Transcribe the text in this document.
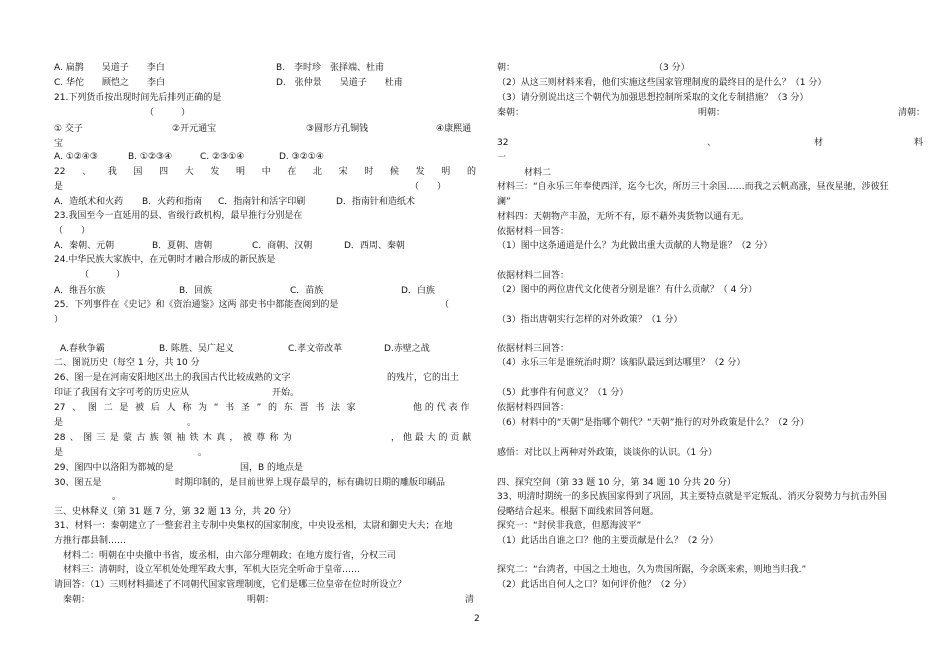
A. 扁鹊　　吴道子　　李白	B.　李时珍　张择端、杜甫
C. 华佗　　顾恺之　　李白	D.　张仲景　　吴道子　　杜甫
21.下列货币按出现时间先后排列正确的是
（　　　）
① 交子	②开元通宝	③圆形方孔铜钱	④康熙通
宝
A. ①②④③	B. ①②③④	C. ②③①④	D. ③②①④
22 、 我 国 四 大 发 明 中 在 北 宋 时 候 发 明 的
是	（　　）
A．造纸术和火药 B．火药和指南 C．指南针和活字印刷	D．指南针和造纸术
23.我国至今一直延用的县、省级行政机构，最早推行分别是在
（　　）
A．秦朝、元朝	B．夏朝、唐朝	C．商朝、汉朝	D．西周、秦朝
24.中华民族大家族中，在元朝时才融合形成的新民族是
（　　　）
A．维吾尔族	B．回族	C．苗族	D．白族
25．下列事件在《史记》和《资治通鉴》这两 部史书中都能查阅到的是	（
）
A.春秋争霸	B. 陈胜、吴广起义	C.孝文帝改革	D.赤壁之战
二、图说历史（每空 1 分，共 10 分
26、图一是在河南安阳地区出土的我国古代比较成熟的文字	的残片，它的出土
印证了我国有文字可考的历史应从	开始。
27 、 图 二 是 被 后 人 称 为 “ 书 圣 ” 的 东 晋 书 法 家	他 的 代 表 作
是	。
28 、 图 三 是 蒙 古 族 领 袖 铁 木 真 ， 被 尊 称 为	， 他 最 大 的 贡 献
是	。
29、图四中以洛阳为都城的是	国，B 的地点是
30、图五是	时期印制的，是目前世界上现存最早的，标有确切日期的雕版印刷品
。
三、史林释义（第 31 题 7 分，第 32 题 13 分，共 20 分）
31、材料一：秦朝建立了一整套君主专制中央集权的国家制度，中央设丞相，太尉和御史大夫；在地
方推行郡县制……
　材料二：明朝在中央撤中书省，废丞相，由六部分理朝政；在地方废行省，分权三司
　材料三：清朝时，设立军机处处理军政大事，军机大臣完全听命于皇帝……
请回答：（1）三则材料描述了不同朝代国家管理制度，它们是哪三位皇帝在位时所设立？
　秦朝：	明朝：	清
朝：	（3 分）
（2）从这三则材料来看，他们实施这些国家管理制度的最终目的是什么？（1 分）
（3）请分别说出这三个朝代为加强思想控制所采取的文化专制措施？（3 分）
秦朝：	明朝：	清朝：
32	、	材	料
一
　　　材料二
材料三：“自永乐三年奉使西洋，迄今七次，所历三十余国……而我之云帆高涨，昼夜星驰，涉彼狂
澜”
材料四：天朝物产丰盈，无所不有，原不藉外夷货物以通有无。
依据材料一回答：
（1）图中这条通道是什么？为此做出重大贡献的人物是谁？（2 分）
依据材料二回答：
（2）图中的两位唐代文化使者分别是谁？有什么贡献？（ 4 分）
（3）指出唐朝实行怎样的对外政策？（1 分）
依据材料三回答：
（4）永乐三年是谁统治时期？该船队最远到达哪里？（2 分）
（5）此事件有何意义？（1 分）
依据材料四回答：
（6）材料中的“天朝”是指哪个朝代？“天朝”推行的对外政策是什么？（2 分）
感悟：对比以上两种对外政策，谈谈你的认识。（1 分）
四、探究空间（第 33 题 10 分，第 34 题 10 分共 20 分）
33、明清时期统一的多民族国家得到了巩固，其主要特点就是平定叛乱、消灭分裂势力与抗击外国
侵略结合起来。根据下面线索回答问题。
探究一：“封侯非我意，但愿海波平”
（1）此话出自谁之口？他的主要贡献是什么？（2 分）
探究二：“台湾者，中国之土地也，久为贵国所踞，今余既来索，则地当归我.”
（2）此话出自何人之口？如何评价他？（2 分）
2
